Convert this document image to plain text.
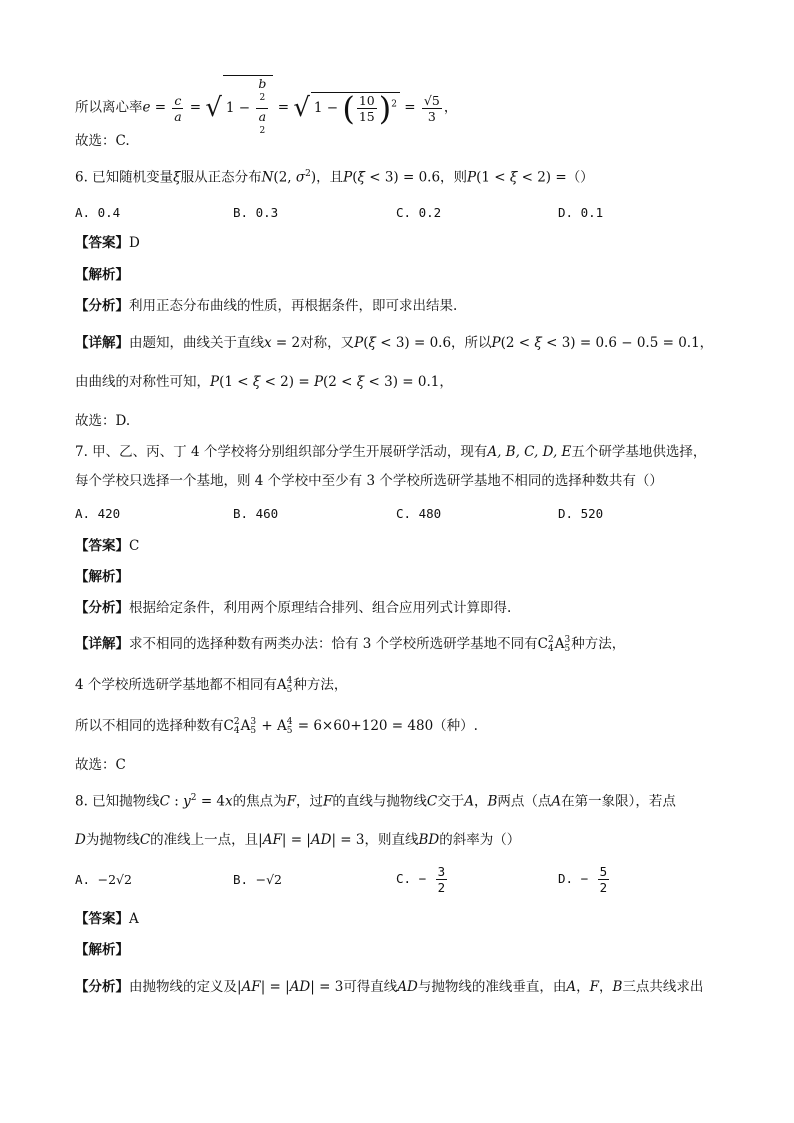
所以离心率$e = \frac{c}{a}$ = √ 1 − b
$^2$
a
$^2$ = √ 1 − ( $\frac{10}{15} )^2 = \frac{√5}{3}$ ，
故选：C.
6. 已知随机变量ξ服从正态分布N(2, $\sigma^2$)，且P(ξ < 3) = 0.6，则P(1 < ξ < 2) =（）
A. 0.4	B. 0.3	C. 0.2	D. 0.1
【答案】D
【解析】
【分析】利用正态分布曲线的性质，再根据条件，即可求出结果.
【详解】由题知，曲线关于直线x = 2对称，又P(ξ < 3) = 0.6，所以P(2 < ξ < 3) = 0.6 − 0.5 = 0.1，
由曲线的对称性可知，P(1 < ξ < 2) = P(2 < ξ < 3) = 0.1，
故选：D.
7. 甲、乙、丙、丁 4 个学校将分别组织部分学生开展研学活动，现有A, B, C, D, E五个研学基地供选择，
每个学校只选择一个基地，则 4 个学校中至少有 3 个学校所选研学基地不相同的选择种数共有（）
A. 420	B. 460	C. 480	D. 520
【答案】C
【解析】
【分析】根据给定条件，利用两个原理结合排列、组合应用列式计算即得.
【详解】求不相同的选择种数有两类办法：恰有 3 个学校所选研学基地不同有C2
4A3
5种方法，
4 个学校所选研学基地都不相同有A4
5种方法，
所以不相同的选择种数有C2
4A3
5 + A4
5 = 6×60+120 = 480（种）.
故选：C
8. 已知抛物线C : $y^2 = 4x$的焦点为F，过F的直线与抛物线C交于A，B两点（点A在第一象限），若点
D为抛物线C的准线上一点，且|AF| = |AD| = 3，则直线BD的斜率为（）
A. −2√2	B. −√2	C. − $\frac{3}{2}$	D. − $\frac{5}{2}$
【答案】A
【解析】
【分析】由抛物线的定义及|AF| = |AD| = 3可得直线AD与抛物线的准线垂直，由A，F，B三点共线求出
